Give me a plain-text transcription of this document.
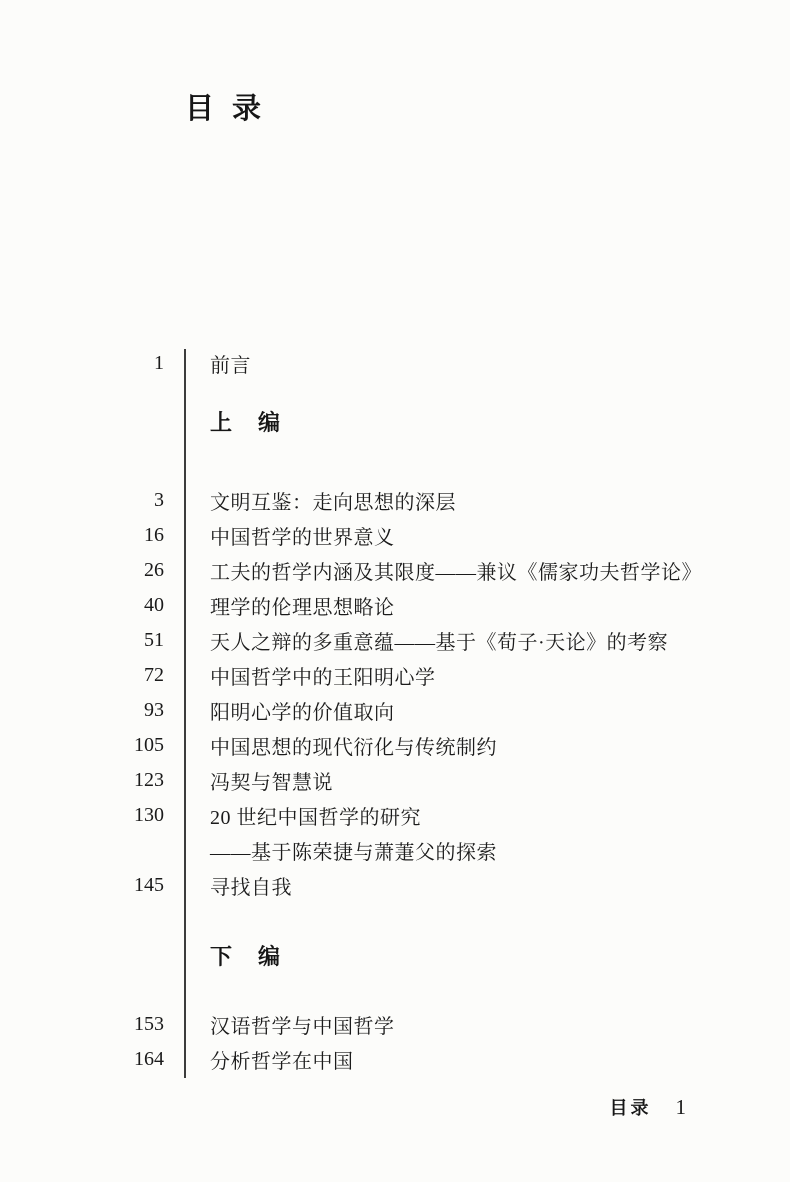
目 录
1 前言
上　编
3 文明互鉴：走向思想的深层
16 中国哲学的世界意义
26 工夫的哲学内涵及其限度——兼议《儒家功夫哲学论》
40 理学的伦理思想略论
51 天人之辩的多重意蕴——基于《荀子·天论》的考察
72 中国哲学中的王阳明心学
93 阳明心学的价值取向
105 中国思想的现代衍化与传统制约
123 冯契与智慧说
130 20 世纪中国哲学的研究
——基于陈荣捷与萧萐父的探索
145 寻找自我
下　编
153 汉语哲学与中国哲学
164 分析哲学在中国
目录 1
